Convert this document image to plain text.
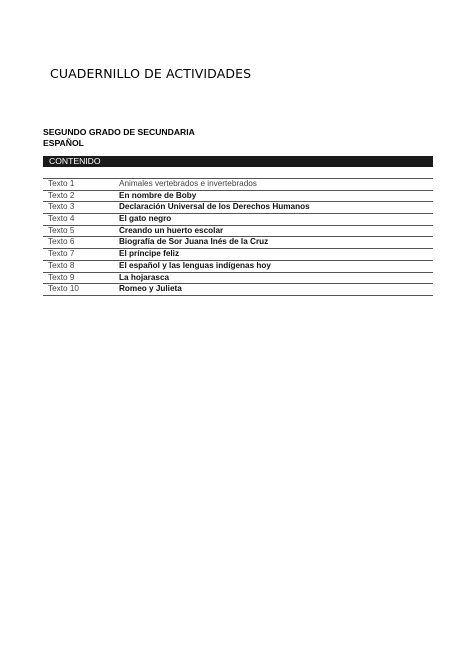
CUADERNILLO DE ACTIVIDADES
SEGUNDO GRADO DE SECUNDARIA
ESPAÑOL
CONTENIDO
Texto 1	Animales vertebrados e invertebrados
Texto 2	En nombre de Boby
Texto 3	Declaración Universal de los Derechos Humanos
Texto 4	El gato negro
Texto 5	Creando un huerto escolar
Texto 6	Biografía de Sor Juana Inés de la Cruz
Texto 7	El príncipe feliz
Texto 8	El español y las lenguas indígenas hoy
Texto 9	La hojarasca
Texto 10	Romeo y Julieta
